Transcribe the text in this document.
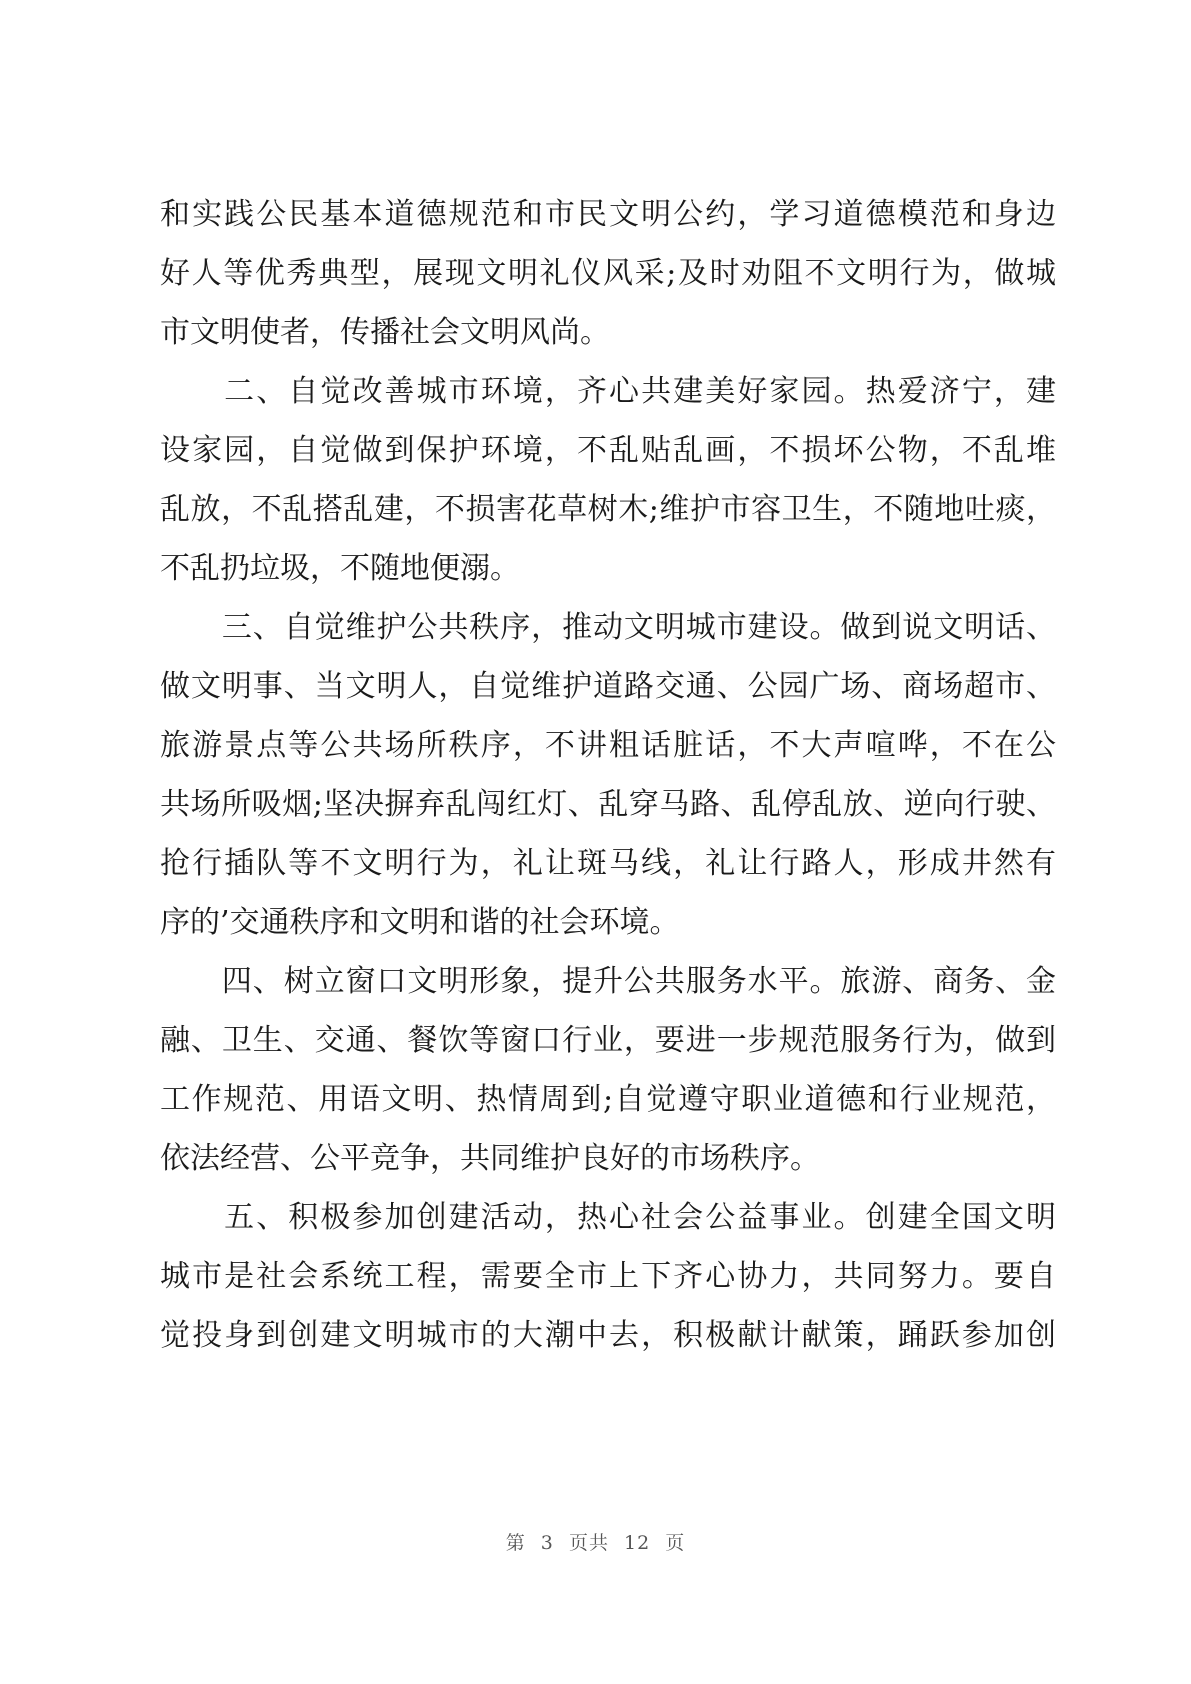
和实践公民基本道德规范和市民文明公约，学习道德模范和身边
好人等优秀典型，展现文明礼仪风采;及时劝阻不文明行为，做城
市文明使者，传播社会文明风尚。
　　二、自觉改善城市环境，齐心共建美好家园。热爱济宁，建
设家园，自觉做到保护环境，不乱贴乱画，不损坏公物，不乱堆
乱放，不乱搭乱建，不损害花草树木;维护市容卫生，不随地吐痰，
不乱扔垃圾，不随地便溺。
　　三、自觉维护公共秩序，推动文明城市建设。做到说文明话、
做文明事、当文明人，自觉维护道路交通、公园广场、商场超市、
旅游景点等公共场所秩序，不讲粗话脏话，不大声喧哗，不在公
共场所吸烟;坚决摒弃乱闯红灯、乱穿马路、乱停乱放、逆向行驶、
抢行插队等不文明行为，礼让斑马线，礼让行路人，形成井然有
序的’交通秩序和文明和谐的社会环境。
　　四、树立窗口文明形象，提升公共服务水平。旅游、商务、金
融、卫生、交通、餐饮等窗口行业，要进一步规范服务行为，做到
工作规范、用语文明、热情周到;自觉遵守职业道德和行业规范，
依法经营、公平竞争，共同维护良好的市场秩序。
　　五、积极参加创建活动，热心社会公益事业。创建全国文明
城市是社会系统工程，需要全市上下齐心协力，共同努力。要自
觉投身到创建文明城市的大潮中去，积极献计献策，踊跃参加创
第 3 页共 12 页
